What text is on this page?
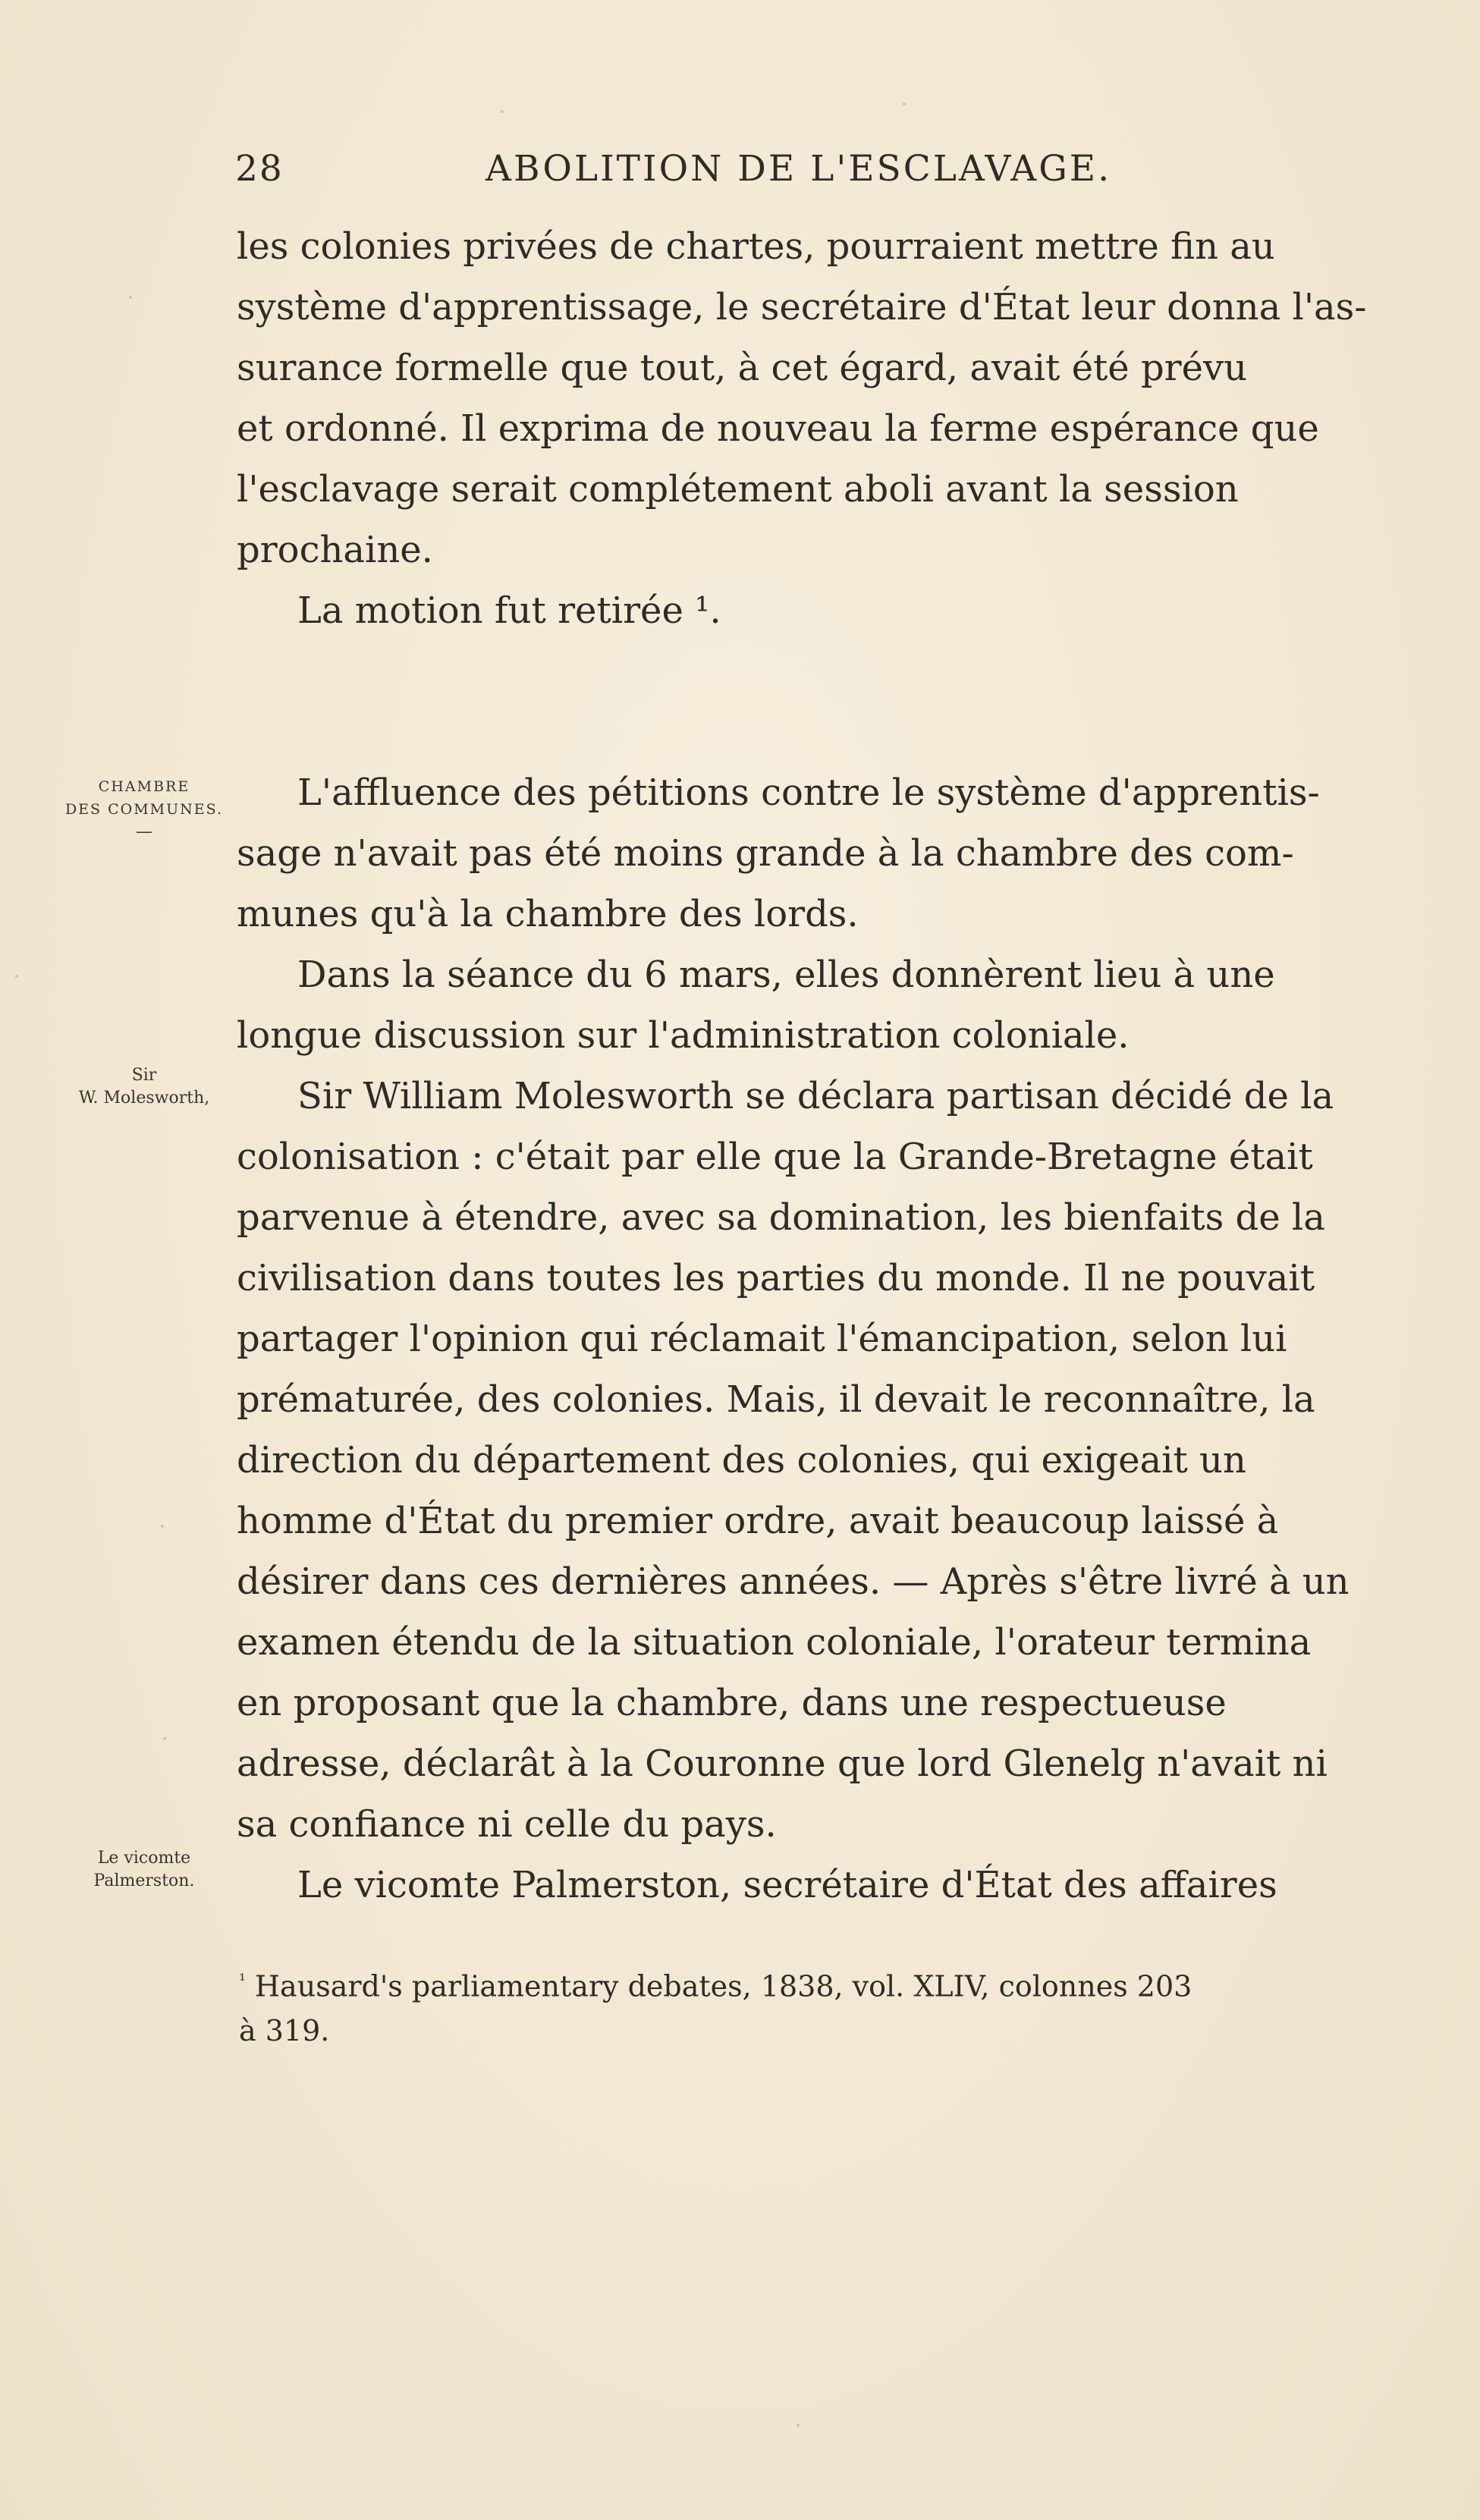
28	ABOLITION DE L'ESCLAVAGE.

les colonies privées de chartes, pourraient mettre fin au
système d'apprentissage, le secrétaire d'État leur donna l'as-
surance formelle que tout, à cet égard, avait été prévu
et ordonné. Il exprima de nouveau la ferme espérance que
l'esclavage serait complétement aboli avant la session
prochaine.
La motion fut retirée ¹.

L'affluence des pétitions contre le système d'apprentis-
sage n'avait pas été moins grande à la chambre des com-
munes qu'à la chambre des lords.
Dans la séance du 6 mars, elles donnèrent lieu à une
longue discussion sur l'administration coloniale.
Sir William Molesworth se déclara partisan décidé de la
colonisation : c'était par elle que la Grande-Bretagne était
parvenue à étendre, avec sa domination, les bienfaits de la
civilisation dans toutes les parties du monde. Il ne pouvait
partager l'opinion qui réclamait l'émancipation, selon lui
prématurée, des colonies. Mais, il devait le reconnaître, la
direction du département des colonies, qui exigeait un
homme d'État du premier ordre, avait beaucoup laissé à
désirer dans ces dernières années. — Après s'être livré à un
examen étendu de la situation coloniale, l'orateur termina
en proposant que la chambre, dans une respectueuse
adresse, déclarât à la Couronne que lord Glenelg n'avait ni
sa confiance ni celle du pays.
Le vicomte Palmerston, secrétaire d'État des affaires

CHAMBRE
DES COMMUNES.
—
Sir
W. Molesworth,
Le vicomte
Palmerston.

$^{^1}$ Hausard's parliamentary debates, 1838, vol. XLIV, colonnes 203
à 319.
